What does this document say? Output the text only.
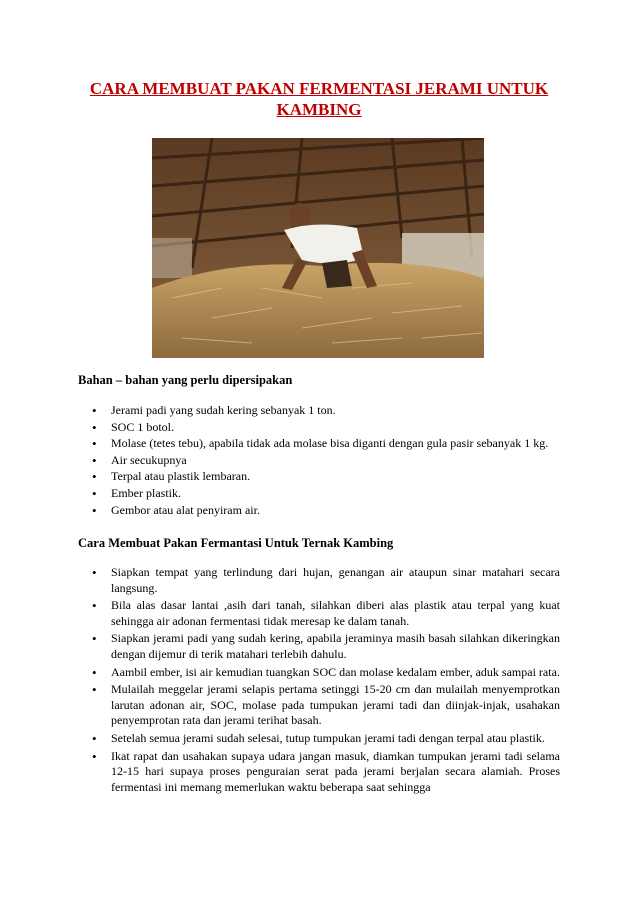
CARA MEMBUAT PAKAN FERMENTASI JERAMI UNTUK KAMBING
Bahan – bahan yang perlu dipersipakan
• Jerami padi yang sudah kering sebanyak 1 ton.
• SOC 1 botol.
• Molase (tetes tebu), apabila tidak ada molase bisa diganti dengan gula pasir sebanyak 1 kg.
• Air secukupnya
• Terpal atau plastik lembaran.
• Ember plastik.
• Gembor atau alat penyiram air.
Cara Membuat Pakan Fermantasi Untuk Ternak Kambing
• Siapkan tempat yang terlindung dari hujan, genangan air ataupun sinar matahari secara langsung.
• Bila alas dasar lantai ,asih dari tanah, silahkan diberi alas plastik atau terpal yang kuat sehingga air adonan fermentasi tidak meresap ke dalam tanah.
• Siapkan jerami padi yang sudah kering, apabila jeraminya masih basah silahkan dikeringkan dengan dijemur di terik matahari terlebih dahulu.
• Aambil ember, isi air kemudian tuangkan SOC dan molase kedalam ember, aduk sampai rata.
• Mulailah meggelar jerami selapis pertama setinggi 15-20 cm dan mulailah menyemprotkan larutan adonan air, SOC, molase pada tumpukan jerami tadi dan diinjak-injak, usahakan penyemprotan rata dan jerami terihat basah.
• Setelah semua jerami sudah selesai, tutup tumpukan jerami tadi dengan terpal atau plastik.
• Ikat rapat dan usahakan supaya udara jangan masuk, diamkan tumpukan jerami tadi selama 12-15 hari supaya proses penguraian serat pada jerami berjalan secara alamiah. Proses fermentasi ini memang memerlukan waktu beberapa saat sehingga
